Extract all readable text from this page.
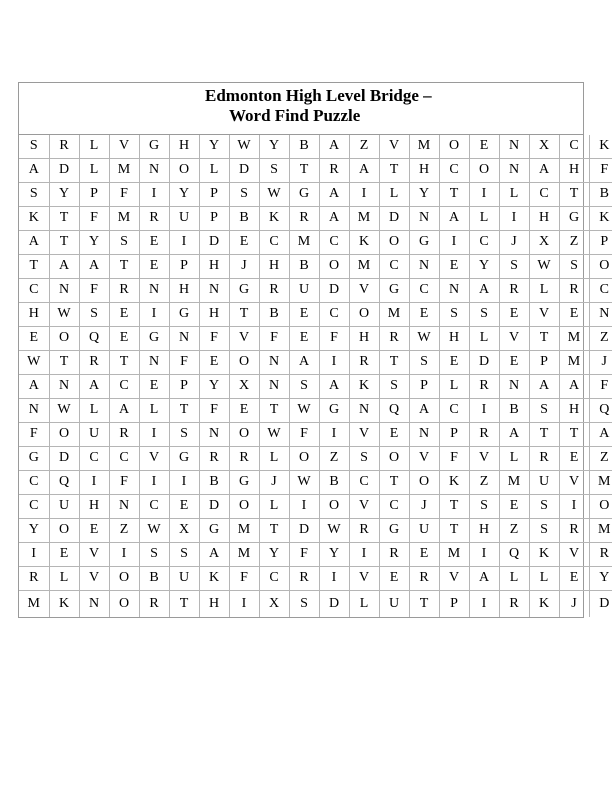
Edmonton High Level Bridge –
Word Find Puzzle
S	R	L	V	G	H	Y	W	Y	B	A	Z	V	M	O	E	N	X	C	K
A	D	L	M	N	O	L	D	S	T	R	A	T	H	C	O	N	A	H	F
S	Y	P	F	I	Y	P	S	W	G	A	I	L	Y	T	I	L	C	T	B
K	T	F	M	R	U	P	B	K	R	A	M	D	N	A	L	I	H	G	K
A	T	Y	S	E	I	D	E	C	M	C	K	O	G	I	C	J	X	Z	P
T	A	A	T	E	P	H	J	H	B	O	M	C	N	E	Y	S	W	S	O
C	N	F	R	N	H	N	G	R	U	D	V	G	C	N	A	R	L	R	C
H	W	S	E	I	G	H	T	B	E	C	O	M	E	S	S	E	V	E	N
E	O	Q	E	G	N	F	V	F	E	F	H	R	W	H	L	V	T	M	Z
W	T	R	T	N	F	E	O	N	A	I	R	T	S	E	D	E	P	M	J
A	N	A	C	E	P	Y	X	N	S	A	K	S	P	L	R	N	A	A	F
N	W	L	A	L	T	F	E	T	W	G	N	Q	A	C	I	B	S	H	Q
F	O	U	R	I	S	N	O	W	F	I	V	E	N	P	R	A	T	T	A
G	D	C	C	V	G	R	R	L	O	Z	S	O	V	F	V	L	R	E	Z
C	Q	I	F	I	I	B	G	J	W	B	C	T	O	K	Z	M	U	V	M
C	U	H	N	C	E	D	O	L	I	O	V	C	J	T	S	E	S	I	O
Y	O	E	Z	W	X	G	M	T	D	W	R	G	U	T	H	Z	S	R	M
I	E	V	I	S	S	A	M	Y	F	Y	I	R	E	M	I	Q	K	V	R
R	L	V	O	B	U	K	F	C	R	I	V	E	R	V	A	L	L	E	Y
M	K	N	O	R	T	H	I	X	S	D	L	U	T	P	I	R	K	J	D
